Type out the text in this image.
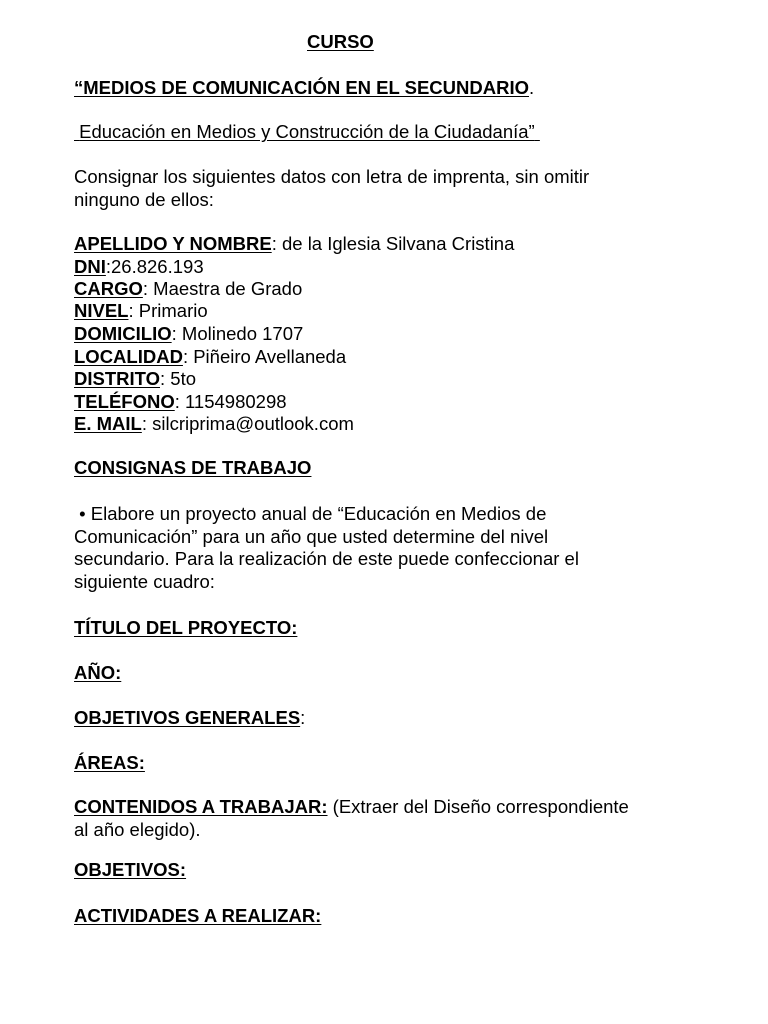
CURSO
“MEDIOS DE COMUNICACIÓN EN EL SECUNDARIO.
Educación en Medios y Construcción de la Ciudadanía”
Consignar los siguientes datos con letra de imprenta, sin omitir
ninguno de ellos:
APELLIDO Y NOMBRE: de la Iglesia Silvana Cristina
DNI:26.826.193
CARGO: Maestra de Grado
NIVEL: Primario
DOMICILIO: Molinedo 1707
LOCALIDAD: Piñeiro Avellaneda
DISTRITO: 5to
TELÉFONO: 1154980298
E. MAIL: silcriprima@outlook.com
CONSIGNAS DE TRABAJO
• Elabore un proyecto anual de “Educación en Medios de
Comunicación” para un año que usted determine del nivel
secundario. Para la realización de este puede confeccionar el
siguiente cuadro:
TÍTULO DEL PROYECTO:
AÑO:
OBJETIVOS GENERALES:
ÁREAS:
CONTENIDOS A TRABAJAR: (Extraer del Diseño correspondiente
al año elegido).
OBJETIVOS:
ACTIVIDADES A REALIZAR:
